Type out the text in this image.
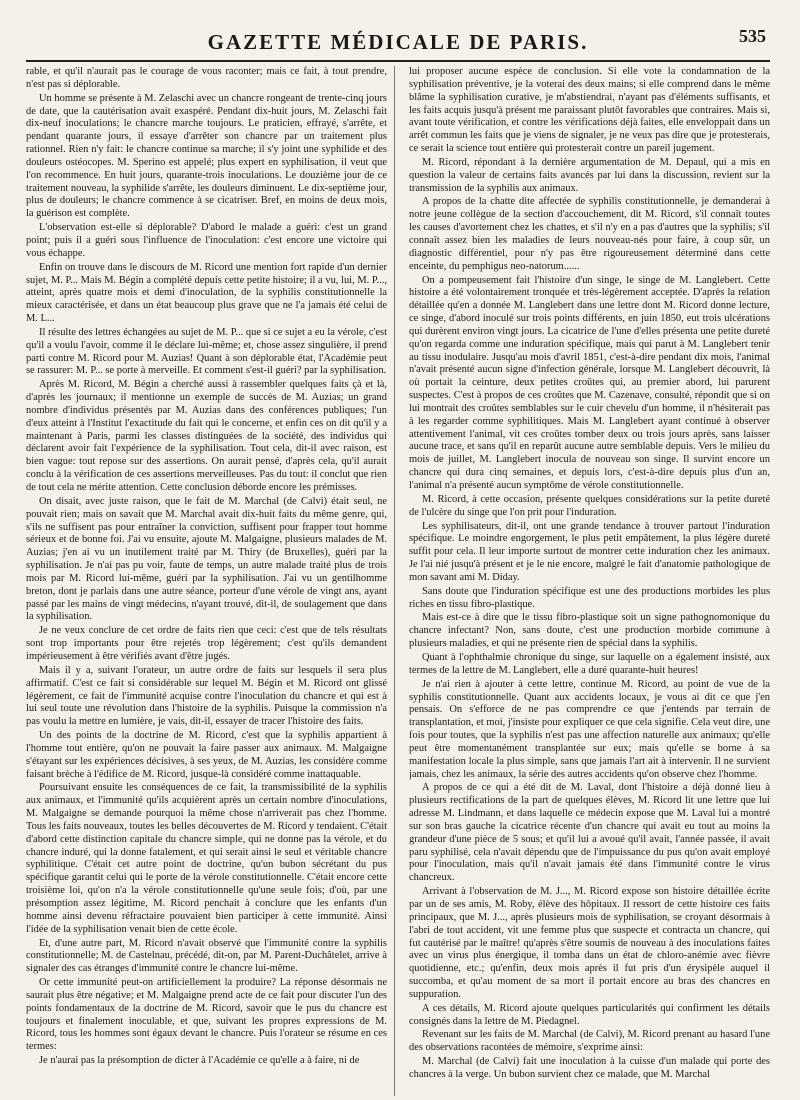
GAZETTE MÉDICALE DE PARIS.	535

rable, et qu'il n'aurait pas le courage de vous raconter; mais ce fait, à tout prendre, n'est pas si déplorable.

Un homme se présente à M. Zelaschi avec un chancre rongeant de trente-cinq jours de date, que la cautérisation avait exaspéré. Pendant dix-huit jours, M. Zelaschi fait dix-neuf inoculations; le chancre marche toujours. Le praticien, effrayé, s'arrête, et pendant quarante jours, il essaye d'arrêter son chancre par un traitement plus rationnel. Rien n'y fait: le chancre continue sa marche; il s'y joint une syphilide et des douleurs ostéocopes. M. Sperino est appelé; plus expert en syphilisation, il veut que l'on recommence. En huit jours, quarante-trois inoculations. Le douzième jour de ce traitement nouveau, la syphilide s'arrête, les douleurs diminuent. Le dix-septième jour, plus de douleurs; le chancre commence à se cicatriser. Bref, en moins de deux mois, la guérison est complète.

L'observation est-elle si déplorable? D'abord le malade a guéri: c'est un grand point; puis il a guéri sous l'influence de l'inoculation: c'est encore une victoire qui vous échappe.

Enfin on trouve dans le discours de M. Ricord une mention fort rapide d'un dernier sujet, M. P... Mais M. Bégin a complété depuis cette petite histoire; il a vu, lui, M. P..., atteint, après quatre mois et demi d'inoculation, de la syphilis constitutionnelle la mieux caractérisée, et dans un état beaucoup plus grave que ne l'a jamais été celui de M. L...

Il résulte des lettres échangées au sujet de M. P... que si ce sujet a eu la vérole, c'est qu'il a voulu l'avoir, comme il le déclare lui-même; et, chose assez singulière, il prend parti contre M. Ricord pour M. Auzias! Quant à son déplorable état, l'Académie peut se rassurer: M. P... se porte à merveille. Et comment s'est-il guéri? par la syphilisation.

Après M. Ricord, M. Bégin a cherché aussi à rassembler quelques faits çà et là, d'après les journaux; il mentionne un exemple de succès de M. Auzias; un grand nombre d'individus présentés par M. Auzias dans des conférences publiques; l'un d'eux atteint à l'Institut l'exactitude du fait qui le concerne, et enfin ces on dit qu'il y a maintenant à Paris, parmi les classes distinguées de la société, des individus qui déclarent avoir fait l'expérience de la syphilisation. Tout cela, dit-il avec raison, est bien vague: tout repose sur des assertions. On aurait pensé, d'après cela, qu'il aurait conclu à la vérification de ces assertions merveilleuses. Pas du tout: il conclut que rien de tout cela ne mérite attention. Cette conclusion déborde encore les prémisses.

On disait, avec juste raison, que le fait de M. Marchal (de Calvi) était seul, ne pouvait rien; mais on savait que M. Marchal avait dix-huit faits du même genre, qui, s'ils ne suffisent pas pour entraîner la conviction, suffisent pour frapper tout homme sérieux et de bonne foi. J'ai vu ensuite, ajoute M. Malgaigne, plusieurs malades de M. Auzias; j'en ai vu un inutilement traité par M. Thiry (de Bruxelles), guéri par la syphilisation. Je n'ai pas pu voir, faute de temps, un autre malade traité plus de trois mois par M. Ricord lui-même, guéri par la syphilisation. J'ai vu un gentilhomme breton, dont je parlais dans une autre séance, porteur d'une vérole de vingt ans, ayant passé par les mains de vingt médecins, n'ayant trouvé, dit-il, de soulagement que dans la syphilisation.

Je ne veux conclure de cet ordre de faits rien que ceci: c'est que de tels résultats sont trop importants pour être rejetés trop légèrement; c'est qu'ils demandent impérieusement à être vérifiés avant d'être jugés.

Mais il y a, suivant l'orateur, un autre ordre de faits sur lesquels il sera plus affirmatif. C'est ce fait si considérable sur lequel M. Bégin et M. Ricord ont glissé légèrement, ce fait de l'immunité acquise contre l'inoculation du chancre et qui est à lui seul toute une révolution dans l'histoire de la syphilis. Puisque la commission n'a pas voulu la mettre en lumière, je vais, dit-il, essayer de tracer l'histoire des faits.

Un des points de la doctrine de M. Ricord, c'est que la syphilis appartient à l'homme tout entière, qu'on ne pouvait la faire passer aux animaux. M. Malgaigne s'étayant sur les expériences décisives, à ses yeux, de M. Auzias, les considère comme faisant brèche à l'édifice de M. Ricord, jusque-là considéré comme inattaquable.

Poursuivant ensuite les conséquences de ce fait, la transmissibilité de la syphilis aux animaux, et l'immunité qu'ils acquièrent après un certain nombre d'inoculations, M. Malgaigne se demande pourquoi la même chose n'arriverait pas chez l'homme. Tous les faits nouveaux, toutes les belles découvertes de M. Ricord y tendaient. C'était d'abord cette distinction capitale du chancre simple, qui ne donne pas la vérole, et du chancre induré, qui la donne fatalement, et qui serait ainsi le seul et véritable chancre syphilitique. C'était cet autre point de doctrine, qu'un bubon sécrétant du pus spécifique garantit celui qui le porte de la vérole constitutionnelle. C'était encore cette troisième loi, qu'on n'a la vérole constitutionnelle qu'une seule fois; d'où, par une présomption assez légitime, M. Ricord penchait à conclure que les enfants d'un homme ainsi devenu réfractaire pouvaient bien participer à cette immunité. Ainsi l'idée de la syphilisation venait bien de cette école.

Et, d'une autre part, M. Ricord n'avait observé que l'immunité contre la syphilis constitutionnelle; M. de Castelnau, précédé, dit-on, par M. Parent-Duchâtelet, arrive à signaler des cas étranges d'immunité contre le chancre lui-même.

Or cette immunité peut-on artificiellement la produire? La réponse désormais ne saurait plus être négative; et M. Malgaigne prend acte de ce fait pour discuter l'un des points fondamentaux de la doctrine de M. Ricord, savoir que le pus du chancre est toujours et finalement inoculable, et que, suivant les propres expressions de M. Ricord, tous les hommes sont égaux devant le chancre. Puis l'orateur se résume en ces termes:

Je n'aurai pas la présomption de dicter à l'Académie ce qu'elle a à faire, ni de

lui proposer aucune espèce de conclusion. Si elle vote la condamnation de la syphilisation préventive, je la voterai des deux mains; si elle comprend dans le même blâme la syphilisation curative, je m'abstiendrai, n'ayant pas d'éléments suffisants, et les faits acquis jusqu'à présent me paraissant plutôt favorables que contraires. Mais si, avant toute vérification, et contre les vérifications déjà faites, elle enveloppait dans un arrêt commun les faits que je viens de signaler, je ne veux pas dire que je protesterais, ce serait la science tout entière qui protesterait contre un pareil jugement.

M. Ricord, répondant à la dernière argumentation de M. Depaul, qui a mis en question la valeur de certains faits avancés par lui dans la discussion, revient sur la transmission de la syphilis aux animaux.

A propos de la chatte dite affectée de syphilis constitutionnelle, je demanderai à notre jeune collègue de la section d'accouchement, dit M. Ricord, s'il connaît toutes les causes d'avortement chez les chattes, et s'il n'y en a pas d'autres que la syphilis; s'il connaît assez bien les maladies de leurs nouveau-nés pour faire, à coup sûr, un diagnostic différentiel, pour n'y pas être rigoureusement déterminé dans cette enceinte, du pemphigus neo-natorum......

On a pompeusement fait l'histoire d'un singe, le singe de M. Langlebert. Cette histoire a été volontairement tronquée et très-légèrement acceptée. D'après la relation détaillée qu'en a donnée M. Langlebert dans une lettre dont M. Ricord donne lecture, ce singe, d'abord inoculé sur trois points différents, en juin 1850, eut trois ulcérations qui durèrent environ vingt jours. La cicatrice de l'une d'elles présenta une petite dureté qu'on regarda comme une induration spécifique, mais qui parut à M. Langlebert tenir au tissu inodulaire. Jusqu'au mois d'avril 1851, c'est-à-dire pendant dix mois, l'animal n'avait présenté aucun signe d'infection générale, lorsque M. Langlebert découvrit, là où portait la ceinture, deux petites croûtes qui, au premier abord, lui parurent suspectes. C'est à propos de ces croûtes que M. Cazenave, consulté, répondit que si on lui montrait des croûtes semblables sur le cuir chevelu d'un homme, il n'hésiterait pas à les regarder comme syphilitiques. Mais M. Langlebert ayant continué à observer attentivement l'animal, vit ces croûtes tomber deux ou trois jours après, sans laisser aucune trace, et sans qu'il en reparût aucune autre semblable depuis. Vers le milieu du mois de juillet, M. Langlebert inocula de nouveau son singe. Il survint encore un chancre qui dura cinq semaines, et depuis lors, c'est-à-dire depuis plus d'un an, l'animal n'a présenté aucun symptôme de vérole constitutionnelle.

M. Ricord, à cette occasion, présente quelques considérations sur la petite dureté de l'ulcère du singe que l'on prit pour l'induration.

Les syphilisateurs, dit-il, ont une grande tendance à trouver partout l'induration spécifique. Le moindre engorgement, le plus petit empâtement, la plus légère dureté suffit pour cela. Il leur importe surtout de montrer cette induration chez les animaux. Je l'ai nié jusqu'à présent et je le nie encore, malgré le fait d'anatomie pathologique de mon savant ami M. Diday.

Sans doute que l'induration spécifique est une des productions morbides les plus riches en tissu fibro-plastique.

Mais est-ce à dire que le tissu fibro-plastique soit un signe pathognomonique du chancre infectant? Non, sans doute, c'est une production morbide commune à plusieurs maladies, et qui ne présente rien de spécial dans la syphilis.

Quant à l'ophthalmie chronique du singe, sur laquelle on a également insisté, aux termes de la lettre de M. Langlebert, elle a duré quarante-huit heures!

Je n'ai rien à ajouter à cette lettre, continue M. Ricord, au point de vue de la syphilis constitutionnelle. Quant aux accidents locaux, je vous ai dit ce que j'en pensais. On s'efforce de ne pas comprendre ce que j'entends par terrain de transplantation, et moi, j'insiste pour expliquer ce que cela signifie. Cela veut dire, une fois pour toutes, que la syphilis n'est pas une affection naturelle aux animaux; qu'elle peut être momentanément transplantée sur eux; mais qu'elle se borne à sa manifestation locale la plus simple, sans que jamais l'art ait à intervenir. Il ne survient jamais, chez les animaux, la série des autres accidents qu'on observe chez l'homme.

A propos de ce qui a été dit de M. Laval, dont l'histoire a déjà donné lieu à plusieurs rectifications de la part de quelques élèves, M. Ricord lit une lettre que lui adresse M. Lindmann, et dans laquelle ce médecin expose que M. Laval lui a montré sur son bras gauche la cicatrice récente d'un chancre qui avait eu tout au moins la grandeur d'une pièce de 5 sous; et qu'il lui a avoué qu'il avait, l'année passée, il avait paru syphilisé, cela n'avait dépendu que de l'impuissance du pus qu'on avait employé pour l'inoculation, mais qu'il n'avait jamais été dans l'immunité contre le virus chancreux.

Arrivant à l'observation de M. J..., M. Ricord expose son histoire détaillée écrite par un de ses amis, M. Roby, élève des hôpitaux. Il ressort de cette histoire ces faits principaux, que M. J..., après plusieurs mois de syphilisation, se croyant désormais à l'abri de tout accident, vit une femme plus que suspecte et contracta un chancre, qui fut cautérisé par le maître! qu'après s'être soumis de nouveau à des inoculations faites avec un virus plus énergique, il tomba dans un état de chloro-anémie avec fièvre quotidienne, etc.; qu'enfin, deux mois après il fut pris d'un érysipèle auquel il succomba, et qu'au moment de sa mort il portait encore au bras des chancres en suppuration.

A ces détails, M. Ricord ajoute quelques particularités qui confirment les détails consignés dans la lettre de M. Piedagnel.

Revenant sur les faits de M. Marchal (de Calvi), M. Ricord prenant au hasard l'une des observations racontées de mémoire, s'exprime ainsi:

M. Marchal (de Calvi) fait une inoculation à la cuisse d'un malade qui porte des chancres à la verge. Un bubon survient chez ce malade, que M. Marchal
